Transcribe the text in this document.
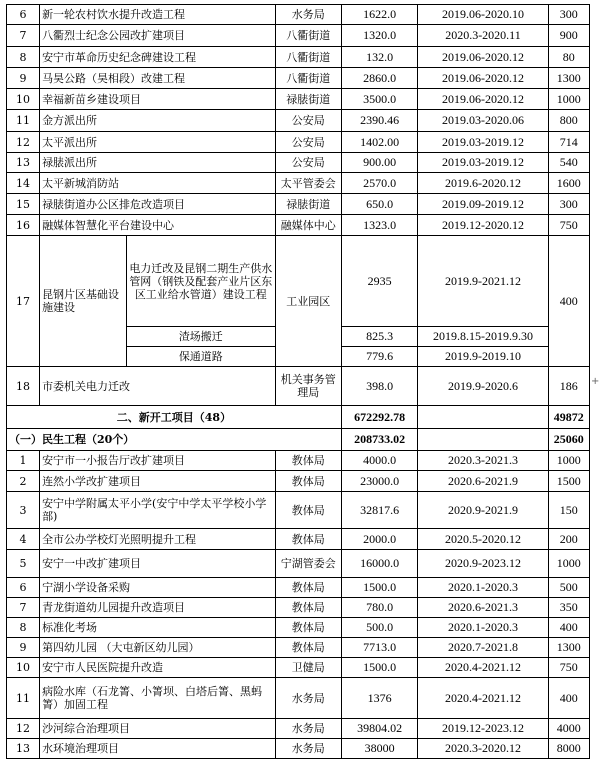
6	新一轮农村饮水提升改造工程		水务局	1622.0	2019.06-2020.10	300
7	八衢烈士纪念公园改扩建项目		八衢街道	1320.0	2020.3-2020.11	900
8	安宁市革命历史纪念碑建设工程		八衢街道	132.0	2019.06-2020.12	80
9	马昊公路（昊相段）改建工程		八衢街道	2860.0	2019.06-2020.12	1300
10	幸福新苗乡建设项目		禄脿街道	3500.0	2019.06-2020.12	1000
11	金方派出所		公安局	2390.46	2019.03-2020.06	800
12	太平派出所		公安局	1402.00	2019.03-2019.12	714
13	禄脿派出所		公安局	900.00	2019.03-2019.12	540
14	太平新城消防站		太平管委会	2570.0	2019.6-2020.12	1600
15	禄脿街道办公区排危改造项目		禄脿街道	650.0	2019.09-2019.12	300
16	融媒体智慧化平台建设中心		融媒体中心	1323.0	2019.12-2020.12	750
17	昆钢片区基础设施建设	电力迁改及昆钢二期生产供水管网（钢铁及配套产业片区东区工业给水管道）建设工程	工业园区	2935	2019.9-2021.12	400
		渣场搬迁		825.3	2019.8.15-2019.9.30	
		保通道路		779.6	2019.9-2019.10	
18	市委机关电力迁改		机关事务管理局	398.0	2019.9-2020.6	186
二、新开工项目（48）				672292.78		49872
（一）民生工程（20个）				208733.02		25060
1	安宁市一小报告厅改扩建项目		教体局	4000.0	2020.3-2021.3	1000
2	连然小学改扩建项目		教体局	23000.0	2020.6-2021.9	1500
3	安宁中学附属太平小学(安宁中学太平学校小学部)		教体局	32817.6	2020.9-2021.9	150
4	全市公办学校灯光照明提升工程		教体局	2000.0	2020.5-2020.12	200
5	安宁一中改扩建项目		宁湖管委会	16000.0	2020.9-2023.12	1000
6	宁湖小学设备采购		教体局	1500.0	2020.1-2020.3	500
7	青龙街道幼儿园提升改造项目		教体局	780.0	2020.6-2021.3	350
8	标准化考场		教体局	500.0	2020.1-2020.3	400
9	第四幼儿园 （大屯新区幼儿园）		教体局	7713.0	2020.7-2021.8	1300
10	安宁市人民医院提升改造		卫健局	1500.0	2020.4-2021.12	750
11	病险水库（石龙箐、小箐坝、白塔后箐、黑蚂箐）加固工程		水务局	1376	2020.4-2021.12	400
12	沙河综合治理项目		水务局	39804.02	2019.12-2023.12	4000
13	水环境治理项目		水务局	38000	2020.3-2020.12	8000
+
